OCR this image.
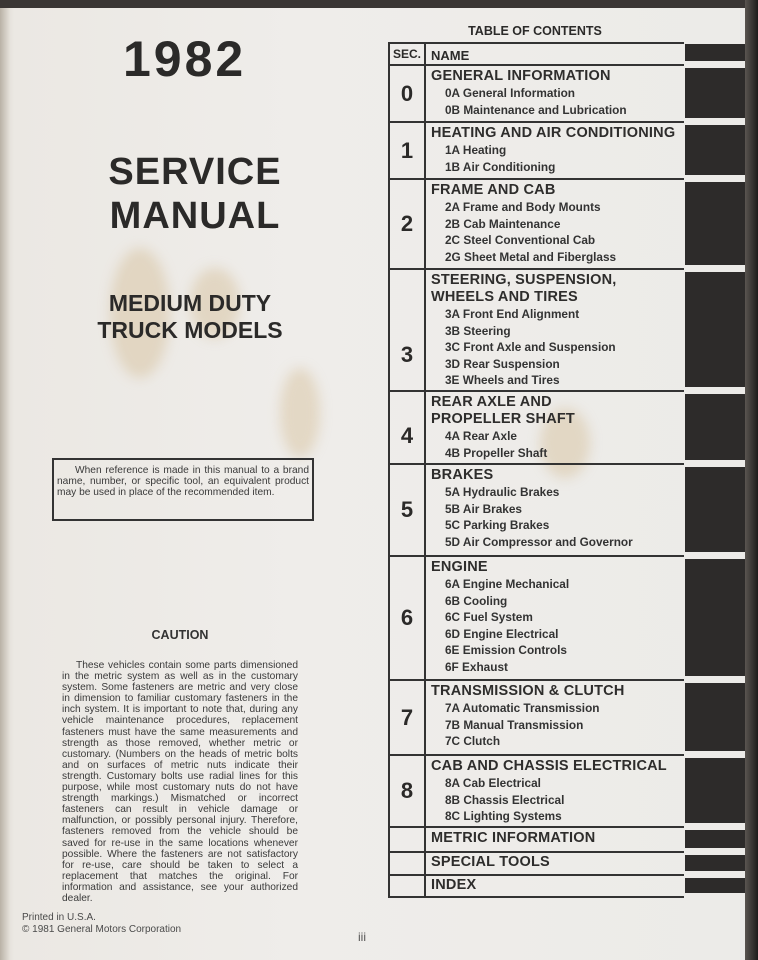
1982
SERVICE
MANUAL
MEDIUM DUTY
TRUCK MODELS
When reference is made in this manual to a brand name, number, or specific tool, an equivalent product may be used in place of the recommended item.
CAUTION
These vehicles contain some parts dimensioned in the metric system as well as in the customary system. Some fasteners are metric and very close in dimension to familiar customary fasteners in the inch system. It is important to note that, during any vehicle maintenance procedures, replacement fasteners must have the same measurements and strength as those removed, whether metric or customary. (Numbers on the heads of metric bolts and on surfaces of metric nuts indicate their strength. Customary bolts use radial lines for this purpose, while most customary nuts do not have strength markings.) Mismatched or incorrect fasteners can result in vehicle damage or malfunction, or possibly personal injury. Therefore, fasteners removed from the vehicle should be saved for re-use in the same locations whenever possible. Where the fasteners are not satisfactory for re-use, care should be taken to select a replacement that matches the original. For information and assistance, see your authorized dealer.
Printed in U.S.A.
© 1981 General Motors Corporation
iii
TABLE OF CONTENTS
SEC. NAME
0
GENERAL INFORMATION
0A General Information
0B Maintenance and Lubrication
1
HEATING AND AIR CONDITIONING
1A Heating
1B Air Conditioning
2
FRAME AND CAB
2A Frame and Body Mounts
2B Cab Maintenance
2C Steel Conventional Cab
2G Sheet Metal and Fiberglass
3
STEERING, SUSPENSION, WHEELS AND TIRES
3A Front End Alignment
3B Steering
3C Front Axle and Suspension
3D Rear Suspension
3E Wheels and Tires
4
REAR AXLE AND PROPELLER SHAFT
4A Rear Axle
4B Propeller Shaft
5
BRAKES
5A Hydraulic Brakes
5B Air Brakes
5C Parking Brakes
5D Air Compressor and Governor
6
ENGINE
6A Engine Mechanical
6B Cooling
6C Fuel System
6D Engine Electrical
6E Emission Controls
6F Exhaust
7
TRANSMISSION & CLUTCH
7A Automatic Transmission
7B Manual Transmission
7C Clutch
8
CAB AND CHASSIS ELECTRICAL
8A Cab Electrical
8B Chassis Electrical
8C Lighting Systems
METRIC INFORMATION
SPECIAL TOOLS
INDEX
